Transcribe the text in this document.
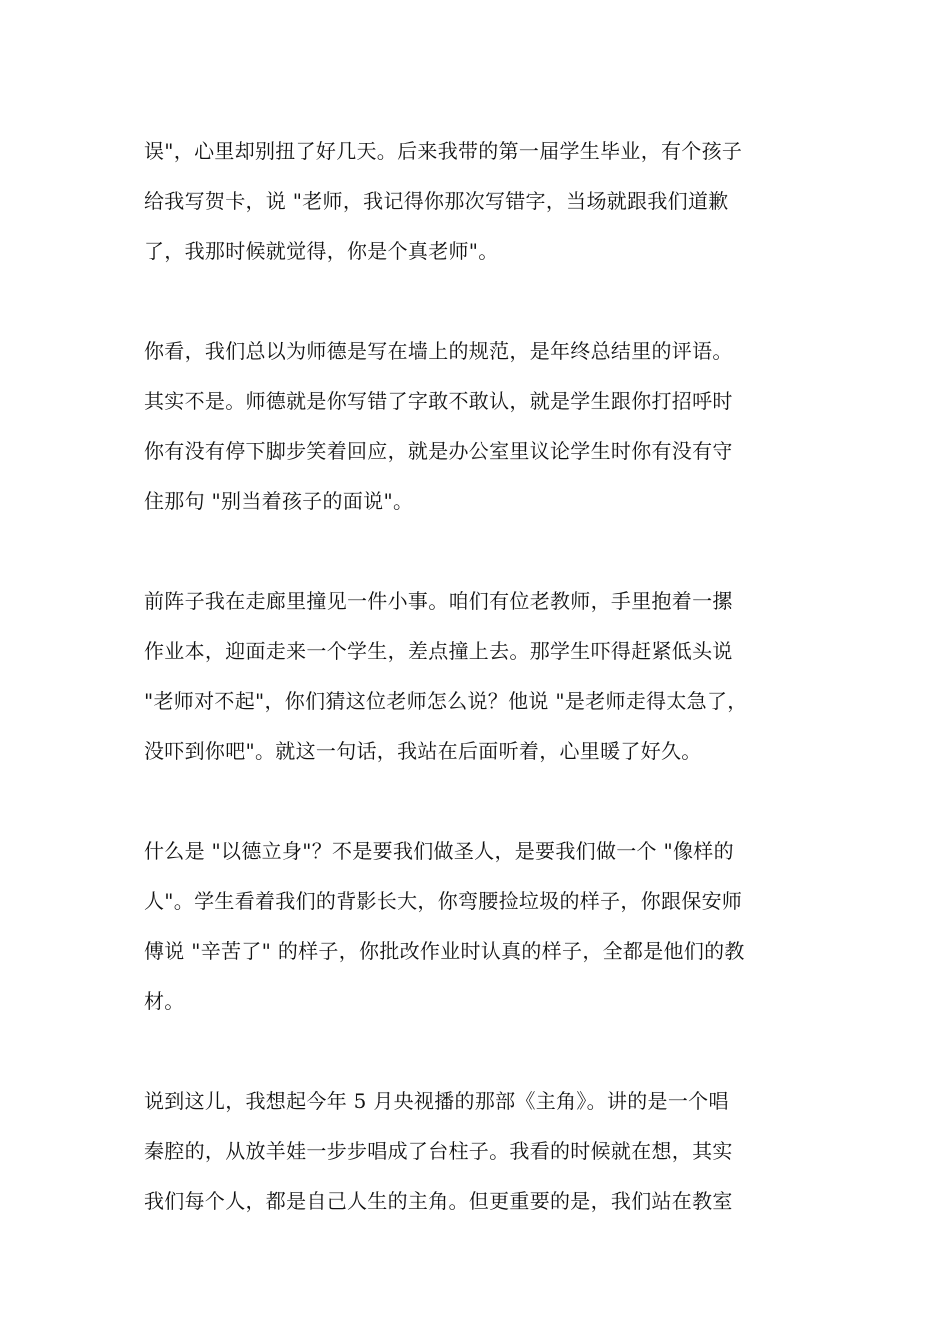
误"，心里却别扭了好几天。后来我带的第一届学生毕业，有个孩子
给我写贺卡，说 "老师，我记得你那次写错字，当场就跟我们道歉
了，我那时候就觉得，你是个真老师"。

你看，我们总以为师德是写在墙上的规范，是年终总结里的评语。
其实不是。师德就是你写错了字敢不敢认，就是学生跟你打招呼时
你有没有停下脚步笑着回应，就是办公室里议论学生时你有没有守
住那句 "别当着孩子的面说"。

前阵子我在走廊里撞见一件小事。咱们有位老教师，手里抱着一摞
作业本，迎面走来一个学生，差点撞上去。那学生吓得赶紧低头说
"老师对不起"，你们猜这位老师怎么说？他说 "是老师走得太急了，
没吓到你吧"。就这一句话，我站在后面听着，心里暖了好久。

什么是 "以德立身"？不是要我们做圣人，是要我们做一个 "像样的
人"。学生看着我们的背影长大，你弯腰捡垃圾的样子，你跟保安师
傅说 "辛苦了" 的样子，你批改作业时认真的样子，全都是他们的教
材。

说到这儿，我想起今年 5 月央视播的那部《主角》。讲的是一个唱
秦腔的，从放羊娃一步步唱成了台柱子。我看的时候就在想，其实
我们每个人，都是自己人生的主角。但更重要的是，我们站在教室
